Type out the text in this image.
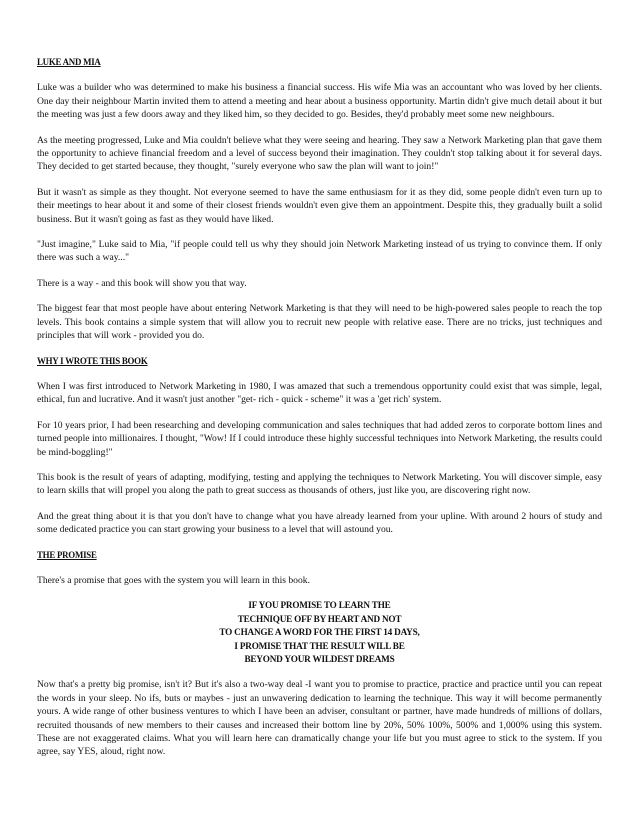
LUKE AND MIA

Luke was a builder who was determined to make his business a financial success. His wife Mia was an accountant who was loved by her clients. One day their neighbour Martin invited them to attend a meeting and hear about a business opportunity. Martin didn't give much detail about it but the meeting was just a few doors away and they liked him, so they decided to go. Besides, they'd probably meet some new neighbours.

As the meeting progressed, Luke and Mia couldn't believe what they were seeing and hearing. They saw a Network Marketing plan that gave them the opportunity to achieve financial freedom and a level of success beyond their imagination. They couldn't stop talking about it for several days. They decided to get started because, they thought, "surely everyone who saw the plan will want to join!"

But it wasn't as simple as they thought. Not everyone seemed to have the same enthusiasm for it as they did, some people didn't even turn up to their meetings to hear about it and some of their closest friends wouldn't even give them an appointment. Despite this, they gradually built a solid business. But it wasn't going as fast as they would have liked.

"Just imagine," Luke said to Mia, "if people could tell us why they should join Network Marketing instead of us trying to convince them. If only there was such a way..."

There is a way - and this book will show you that way.

The biggest fear that most people have about entering Network Marketing is that they will need to be high-powered sales people to reach the top levels. This book contains a simple system that will allow you to recruit new people with relative ease. There are no tricks, just techniques and principles that will work - provided you do.

WHY I WROTE THIS BOOK

When I was first introduced to Network Marketing in 1980, I was amazed that such a tremendous opportunity could exist that was simple, legal, ethical, fun and lucrative. And it wasn't just another "get- rich - quick - scheme" it was a 'get rich' system.

For 10 years prior, I had been researching and developing communication and sales techniques that had added zeros to corporate bottom lines and turned people into millionaires. I thought, "Wow! If I could introduce these highly successful techniques into Network Marketing, the results could be mind-boggling!"

This book is the result of years of adapting, modifying, testing and applying the techniques to Network Marketing. You will discover simple, easy to learn skills that will propel you along the path to great success as thousands of others, just like you, are discovering right now.

And the great thing about it is that you don't have to change what you have already learned from your upline. With around 2 hours of study and some dedicated practice you can start growing your business to a level that will astound you.

THE PROMISE

There's a promise that goes with the system you will learn in this book.

IF YOU PROMISE TO LEARN THE
TECHNIQUE OFF BY HEART AND NOT
TO CHANGE A WORD FOR THE FIRST 14 DAYS,
I PROMISE THAT THE RESULT WILL BE
BEYOND YOUR WILDEST DREAMS

Now that's a pretty big promise, isn't it? But it's also a two-way deal -I want you to promise to practice, practice and practice until you can repeat the words in your sleep. No ifs, buts or maybes - just an unwavering dedication to learning the technique. This way it will become permanently yours. A wide range of other business ventures to which I have been an adviser, consultant or partner, have made hundreds of millions of dollars, recruited thousands of new members to their causes and increased their bottom line by 20%, 50% 100%, 500% and 1,000% using this system. These are not exaggerated claims. What you will learn here can dramatically change your life but you must agree to stick to the system. If you agree, say YES, aloud, right now.
